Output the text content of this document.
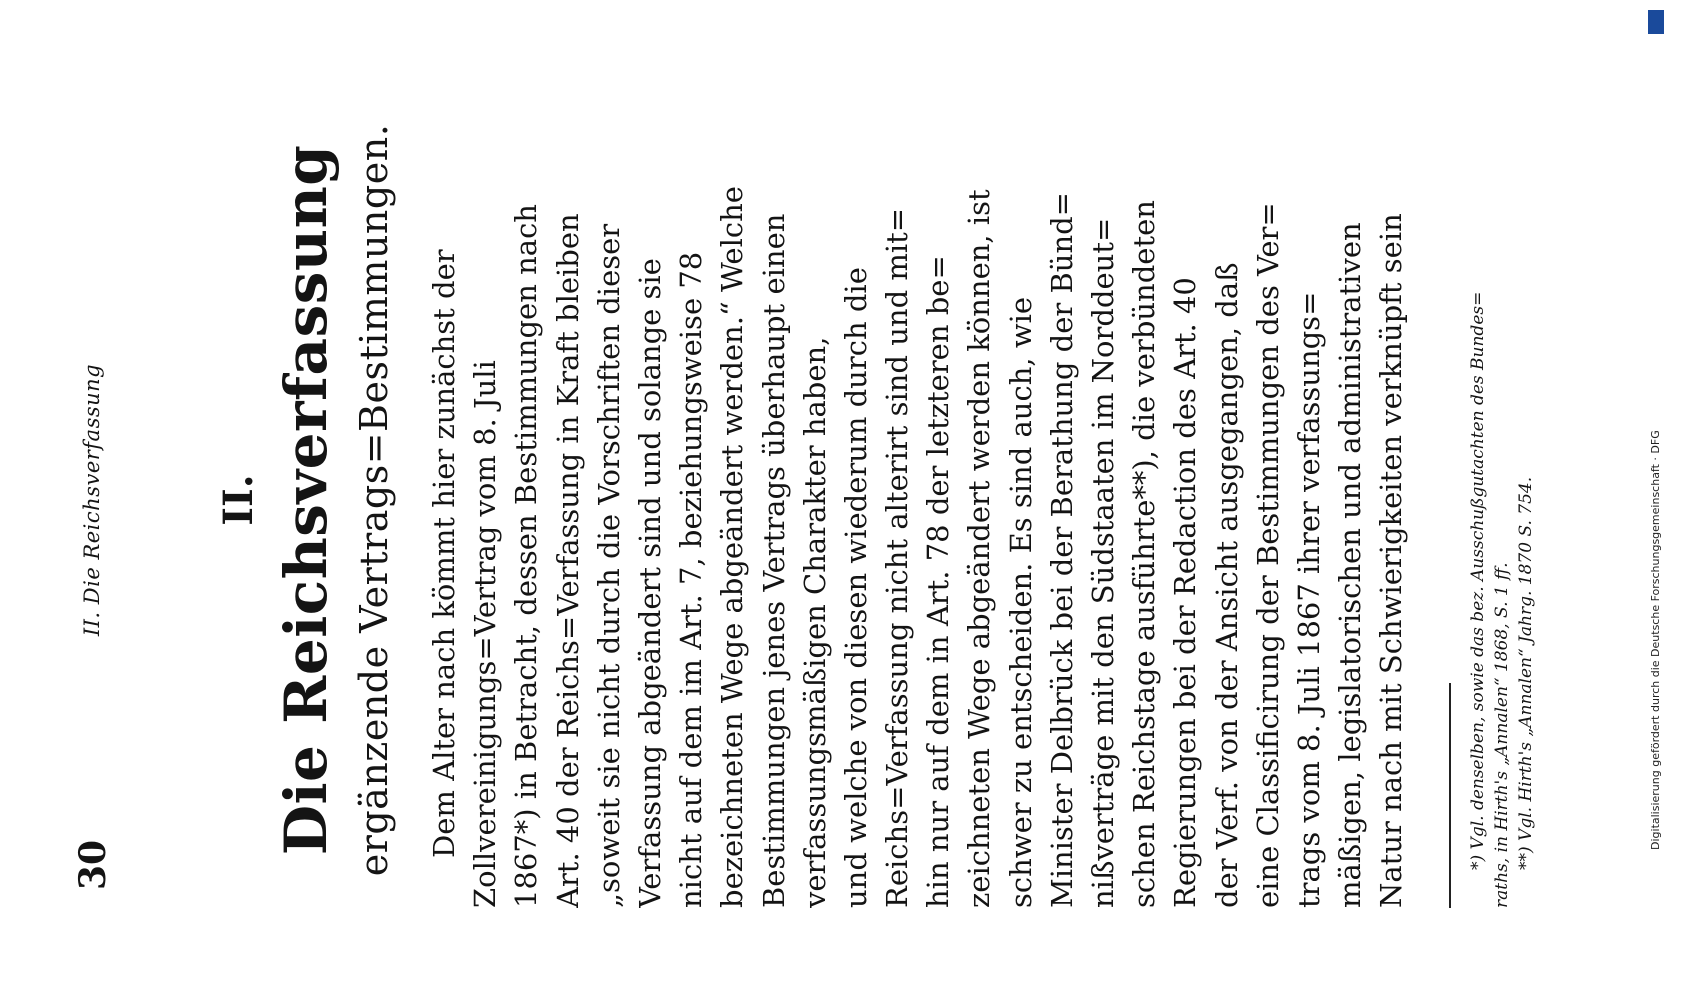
30
II. Die Reichsverfassung	II. Die Reichsverfassung ergänzende Vertrags=Bestimmungen. Dem Alter nach kömmt hier zunächst der Zollvereinigungs=Vertrag vom 8. Juli 1867*) in Betracht, dessen Bestimmungen nach Art. 40 der Reichs=Verfassung in Kraft bleiben „soweit sie nicht durch die Vorschriften dieser Verfassung abgeändert sind und solange sie nicht auf dem im Art. 7, beziehungsweise 78 bezeichneten Wege abgeändert werden.“ Welche Bestimmungen jenes Vertrags überhaupt einen verfassungsmäßigen Charakter haben, und welche von diesen wiederum durch die Reichs=Verfassung nicht alterirt sind und mit= hin nur auf dem in Art. 78 der letzteren be= zeichneten Wege abgeändert werden können, ist schwer zu entscheiden. Es sind auch, wie Minister Delbrück bei der Berathung der Bünd= nißverträge mit den Südstaaten im Norddeut= schen Reichstage ausführte**), die verbündeten Regierungen bei der Redaction des Art. 40 der Verf. von der Ansicht ausgegangen, daß eine Classificirung der Bestimmungen des Ver= trags vom 8. Juli 1867 ihrer verfassungs= mäßigen, legislatorischen und administrativen Natur nach mit Schwierigkeiten verknüpft sein	*) Vgl. denselben, sowie das bez. Ausschußgutachten des Bundes= raths, in Hirth's „Annalen“ 1868, S. 1 ff. **) Vgl. Hirth's „Annalen“ Jahrg. 1870 S. 754.	Digitalisierung gefördert durch die Deutsche Forschungsgemeinschaft · DFG
